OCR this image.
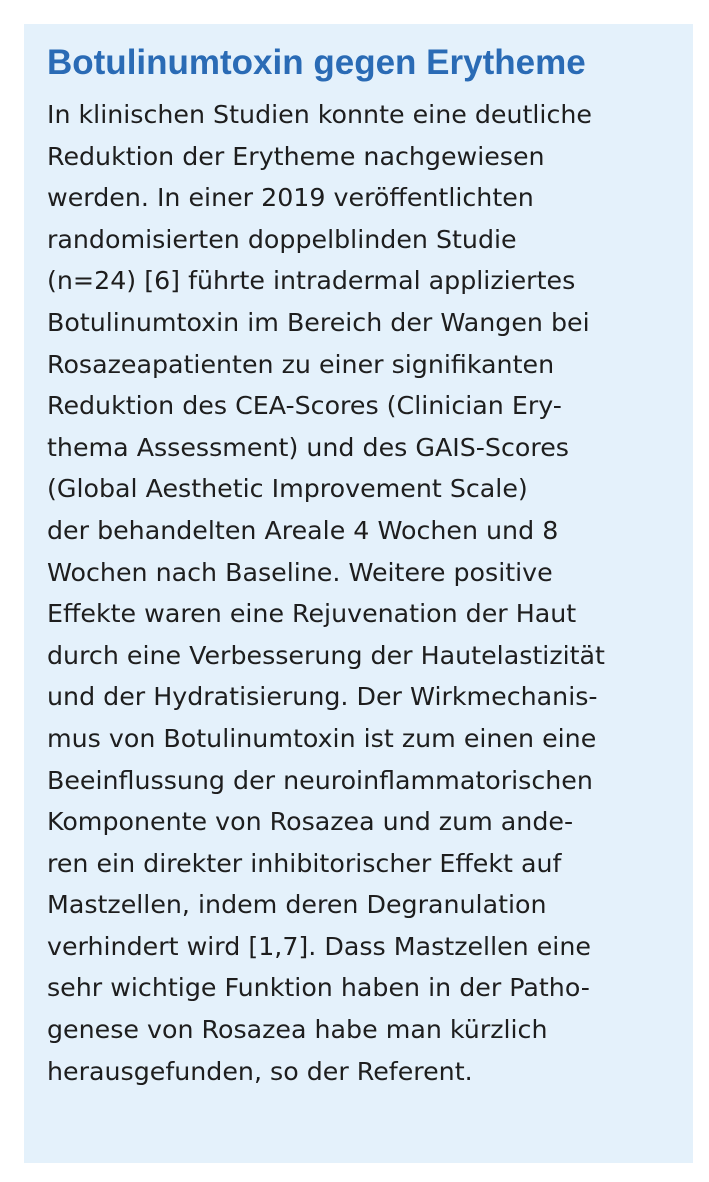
Botulinumtoxin gegen Erytheme
In klinischen Studien konnte eine deutliche
Reduktion der Erytheme nachgewiesen
werden. In einer 2019 veröffentlichten
randomisierten doppelblinden Studie
(n=24) [6] führte intradermal appliziertes
Botulinumtoxin im Bereich der Wangen bei
Rosazeapatienten zu einer signifikanten
Reduktion des CEA-Scores (Clinician Ery-
thema Assessment) und des GAIS-Scores
(Global Aesthetic Improvement Scale)
der behandelten Areale 4 Wochen und 8
Wochen nach Baseline. Weitere positive
Effekte waren eine Rejuvenation der Haut
durch eine Verbesserung der Hautelastizität
und der Hydratisierung. Der Wirkmechanis-
mus von Botulinumtoxin ist zum einen eine
Beeinflussung der neuroinflammatorischen
Komponente von Rosazea und zum ande-
ren ein direkter inhibitorischer Effekt auf
Mastzellen, indem deren Degranulation
verhindert wird [1,7]. Dass Mastzellen eine
sehr wichtige Funktion haben in der Patho-
genese von Rosazea habe man kürzlich
herausgefunden, so der Referent.
